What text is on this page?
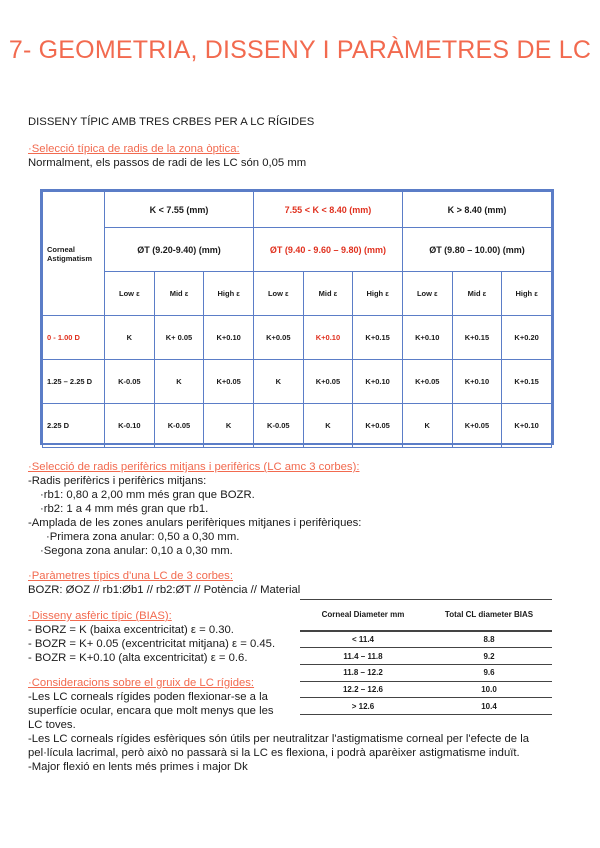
7- GEOMETRIA, DISSENY I PARÀMETRES DE LC
DISSENY TÍPIC AMB TRES CRBES PER A LC RÍGIDES
·Selecció típica de radis de la zona òptica:
Normalment, els passos de radi de les LC són 0,05 mm
Corneal Astigmatism	K < 7.55 (mm)			7.55 < K < 8.40 (mm)			K > 8.40 (mm)		
	ØT (9.20-9.40) (mm)			ØT (9.40 - 9.60 – 9.80) (mm)			ØT (9.80 – 10.00) (mm)		
	Low ε	Mid ε	High ε	Low ε	Mid ε	High ε	Low ε	Mid ε	High ε
0 - 1.00 D	K	K+ 0.05	K+0.10	K+0.05	K+0.10	K+0.15	K+0.10	K+0.15	K+0.20
1.25 – 2.25 D	K-0.05	K	K+0.05	K	K+0.05	K+0.10	K+0.05	K+0.10	K+0.15
2.25 D	K-0.10	K-0.05	K	K-0.05	K	K+0.05	K	K+0.05	K+0.10
·Selecció de radis perifèrics mitjans i perifèrics (LC amc 3 corbes):
-Radis perifèrics i perifèrics mitjans:
·rb1: 0,80 a 2,00 mm més gran que BOZR.
·rb2: 1 a 4 mm més gran que rb1.
-Amplada de les zones anulars perifèriques mitjanes i perifèriques:
·Primera zona anular: 0,50 a 0,30 mm.
·Segona zona anular: 0,10 a 0,30 mm.
·Paràmetres típics d'una LC de 3 corbes:
BOZR: ØOZ // rb1:Øb1 // rb2:ØT // Potència // Material
·Disseny asfèric típic (BIAS):
- BORZ = K (baixa excentricitat) ε = 0.30.
- BOZR = K+ 0.05 (excentricitat mitjana) ε = 0.45.
- BOZR = K+0.10 (alta excentricitat) ε = 0.6.
Corneal Diameter mm	Total CL diameter BIAS
< 11.4	8.8
11.4 – 11.8	9.2
11.8 – 12.2	9.6
12.2 – 12.6	10.0
> 12.6	10.4
·Consideracions sobre el gruix de LC rígides:
-Les LC corneals rígides poden flexionar-se a la
superfície ocular, encara que molt menys que les
LC toves.
-Les LC corneals rígides esfèriques són útils per neutralitzar l'astigmatisme corneal per l'efecte de la
pel·lícula lacrimal, però això no passarà si la LC es flexiona, i podrà aparèixer astigmatisme induït.
-Major flexió en lents més primes i major Dk
